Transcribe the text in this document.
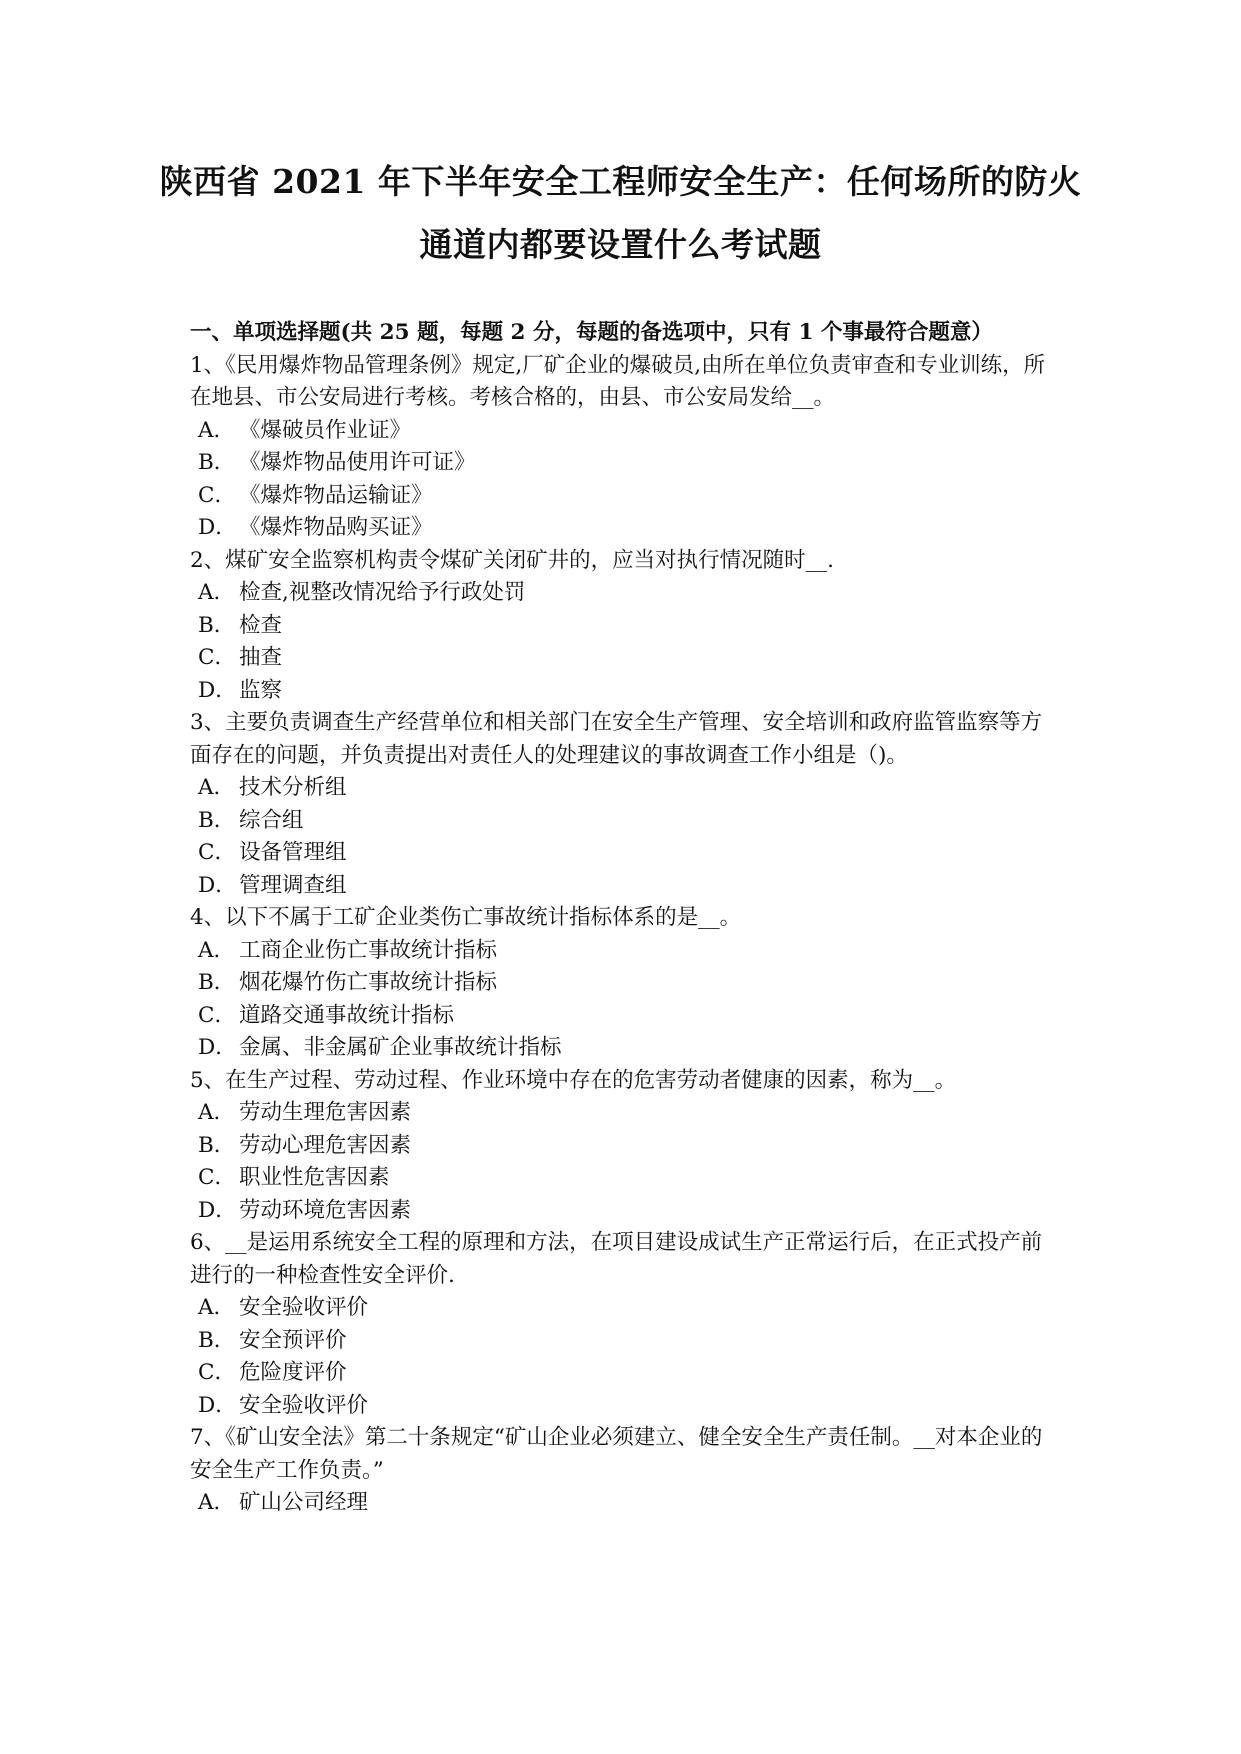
陕西省 2021 年下半年安全工程师安全生产：任何场所的防火通道内都要设置什么考试题

一、单项选择题(共 25 题，每题 2 分，每题的备选项中，只有 1 个事最符合题意）

1、《民用爆炸物品管理条例》规定,厂矿企业的爆破员,由所在单位负责审查和专业训练，所在地县、市公安局进行考核。考核合格的，由县、市公安局发给__。

A． 《爆破员作业证》

B． 《爆炸物品使用许可证》

C． 《爆炸物品运输证》

D． 《爆炸物品购买证》

2、煤矿安全监察机构责令煤矿关闭矿井的，应当对执行情况随时__.

A． 检查,视整改情况给予行政处罚

B． 检查

C． 抽查

D． 监察

3、主要负责调查生产经营单位和相关部门在安全生产管理、安全培训和政府监管监察等方面存在的问题，并负责提出对责任人的处理建议的事故调查工作小组是（)。

A． 技术分析组

B． 综合组

C． 设备管理组

D． 管理调查组

4、以下不属于工矿企业类伤亡事故统计指标体系的是__。

A． 工商企业伤亡事故统计指标

B． 烟花爆竹伤亡事故统计指标

C． 道路交通事故统计指标

D． 金属、非金属矿企业事故统计指标

5、在生产过程、劳动过程、作业环境中存在的危害劳动者健康的因素，称为__。

A． 劳动生理危害因素

B． 劳动心理危害因素

C． 职业性危害因素

D． 劳动环境危害因素

6、__是运用系统安全工程的原理和方法，在项目建设成试生产正常运行后，在正式投产前进行的一种检查性安全评价.

A． 安全验收评价

B． 安全预评价

C． 危险度评价

D． 安全验收评价

7、《矿山安全法》第二十条规定“矿山企业必须建立、健全安全生产责任制。__对本企业的安全生产工作负责。”

A． 矿山公司经理
